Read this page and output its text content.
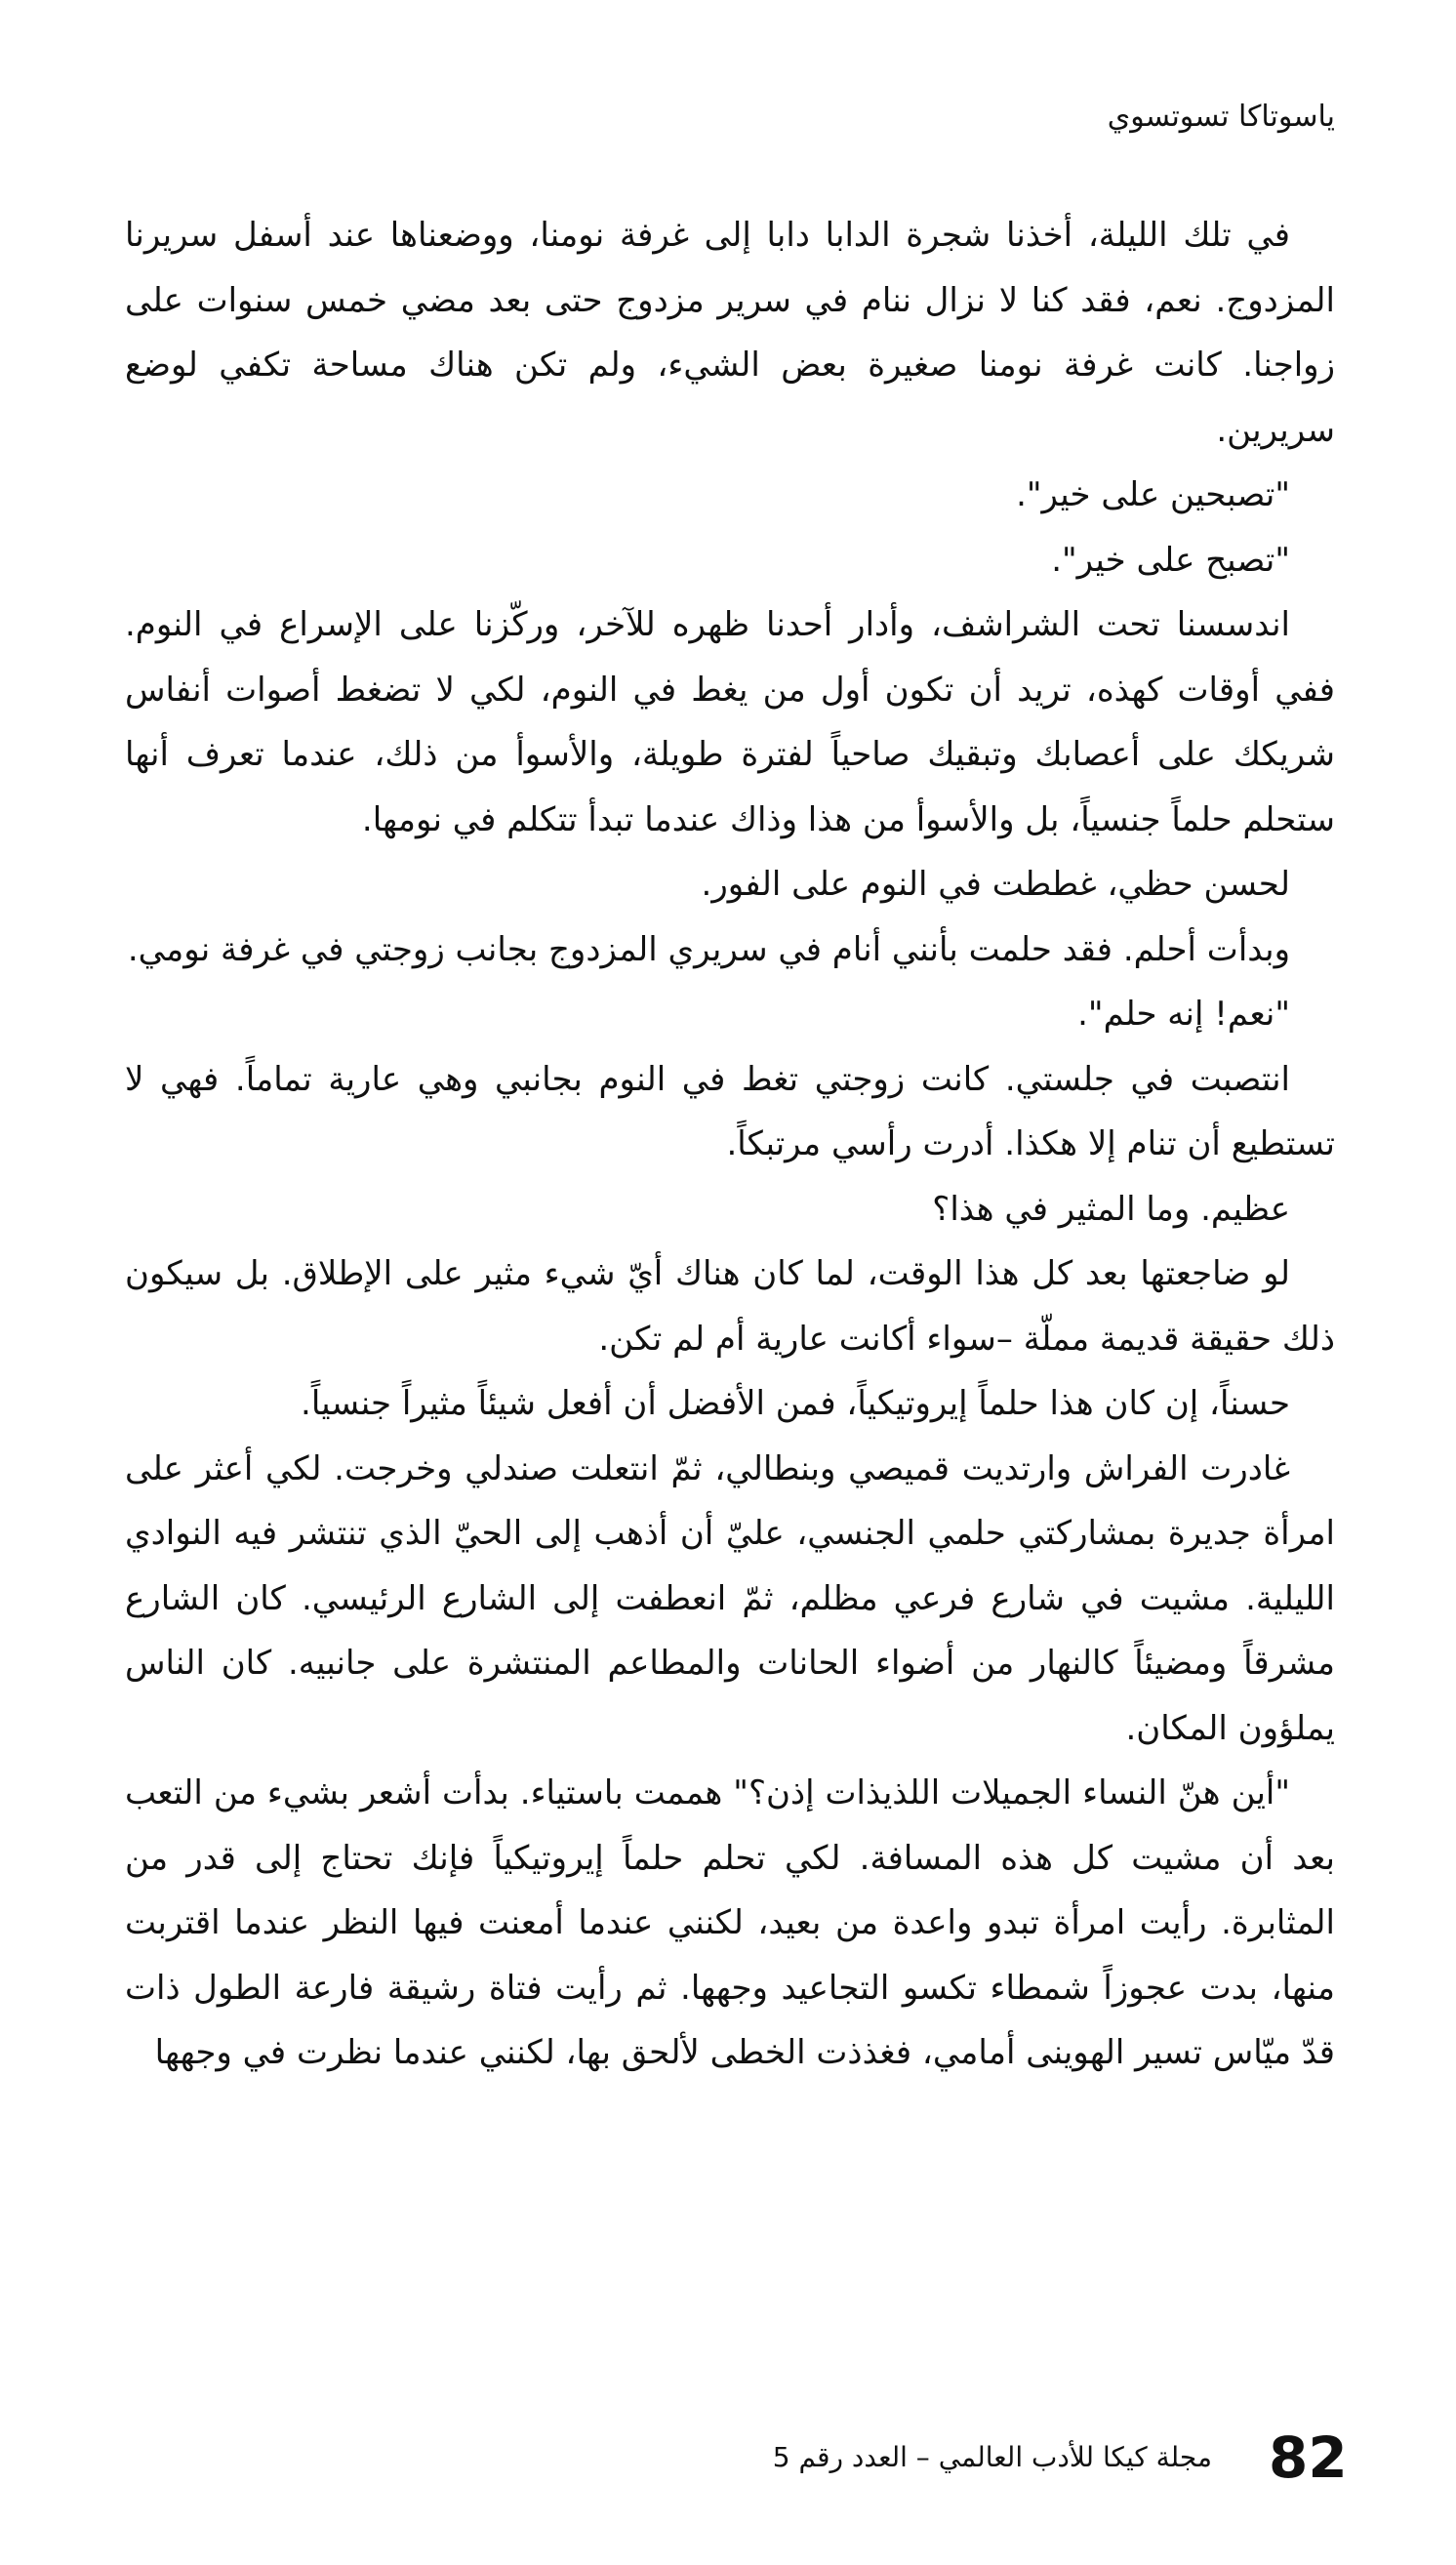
ياسوتاكا تسوتسوي

في تلك الليلة، أخذنا شجرة الدابا دابا إلى غرفة نومنا، ووضعناها عند أسفل سريرنا المزدوج. نعم، فقد كنا لا نزال ننام في سرير مزدوج حتى بعد مضي خمس سنوات على زواجنا. كانت غرفة نومنا صغيرة بعض الشيء، ولم تكن هناك مساحة تكفي لوضع سريرين.

"تصبحين على خير".

"تصبح على خير".

اندسسنا تحت الشراشف، وأدار أحدنا ظهره للآخر، وركّزنا على الإسراع في النوم. ففي أوقات كهذه، تريد أن تكون أول من يغط في النوم، لكي لا تضغط أصوات أنفاس شريكك على أعصابك وتبقيك صاحياً لفترة طويلة، والأسوأ من ذلك، عندما تعرف أنها ستحلم حلماً جنسياً، بل والأسوأ من هذا وذاك عندما تبدأ تتكلم في نومها.

لحسن حظي، غططت في النوم على الفور.

وبدأت أحلم. فقد حلمت بأنني أنام في سريري المزدوج بجانب زوجتي في غرفة نومي.

"نعم! إنه حلم".

انتصبت في جلستي. كانت زوجتي تغط في النوم بجانبي وهي عارية تماماً. فهي لا تستطيع أن تنام إلا هكذا. أدرت رأسي مرتبكاً.

عظيم. وما المثير في هذا؟

لو ضاجعتها بعد كل هذا الوقت، لما كان هناك أيّ شيء مثير على الإطلاق. بل سيكون ذلك حقيقة قديمة مملّة –سواء أكانت عارية أم لم تكن.

حسناً، إن كان هذا حلماً إيروتيكياً، فمن الأفضل أن أفعل شيئاً مثيراً جنسياً.

غادرت الفراش وارتديت قميصي وبنطالي، ثمّ انتعلت صندلي وخرجت. لكي أعثر على امرأة جديرة بمشاركتي حلمي الجنسي، عليّ أن أذهب إلى الحيّ الذي تنتشر فيه النوادي الليلية. مشيت في شارع فرعي مظلم، ثمّ انعطفت إلى الشارع الرئيسي. كان الشارع مشرقاً ومضيئاً كالنهار من أضواء الحانات والمطاعم المنتشرة على جانبيه. كان الناس يملؤون المكان.

"أين هنّ النساء الجميلات اللذيذات إذن؟" هممت باستياء. بدأت أشعر بشيء من التعب بعد أن مشيت كل هذه المسافة. لكي تحلم حلماً إيروتيكياً فإنك تحتاج إلى قدر من المثابرة. رأيت امرأة تبدو واعدة من بعيد، لكنني عندما أمعنت فيها النظر عندما اقتربت منها، بدت عجوزاً شمطاء تكسو التجاعيد وجهها. ثم رأيت فتاة رشيقة فارعة الطول ذات قدّ ميّاس تسير الهوينى أمامي، فغذذت الخطى لألحق بها، لكنني عندما نظرت في وجهها

82
مجلة كيكا للأدب العالمي – العدد رقم 5
